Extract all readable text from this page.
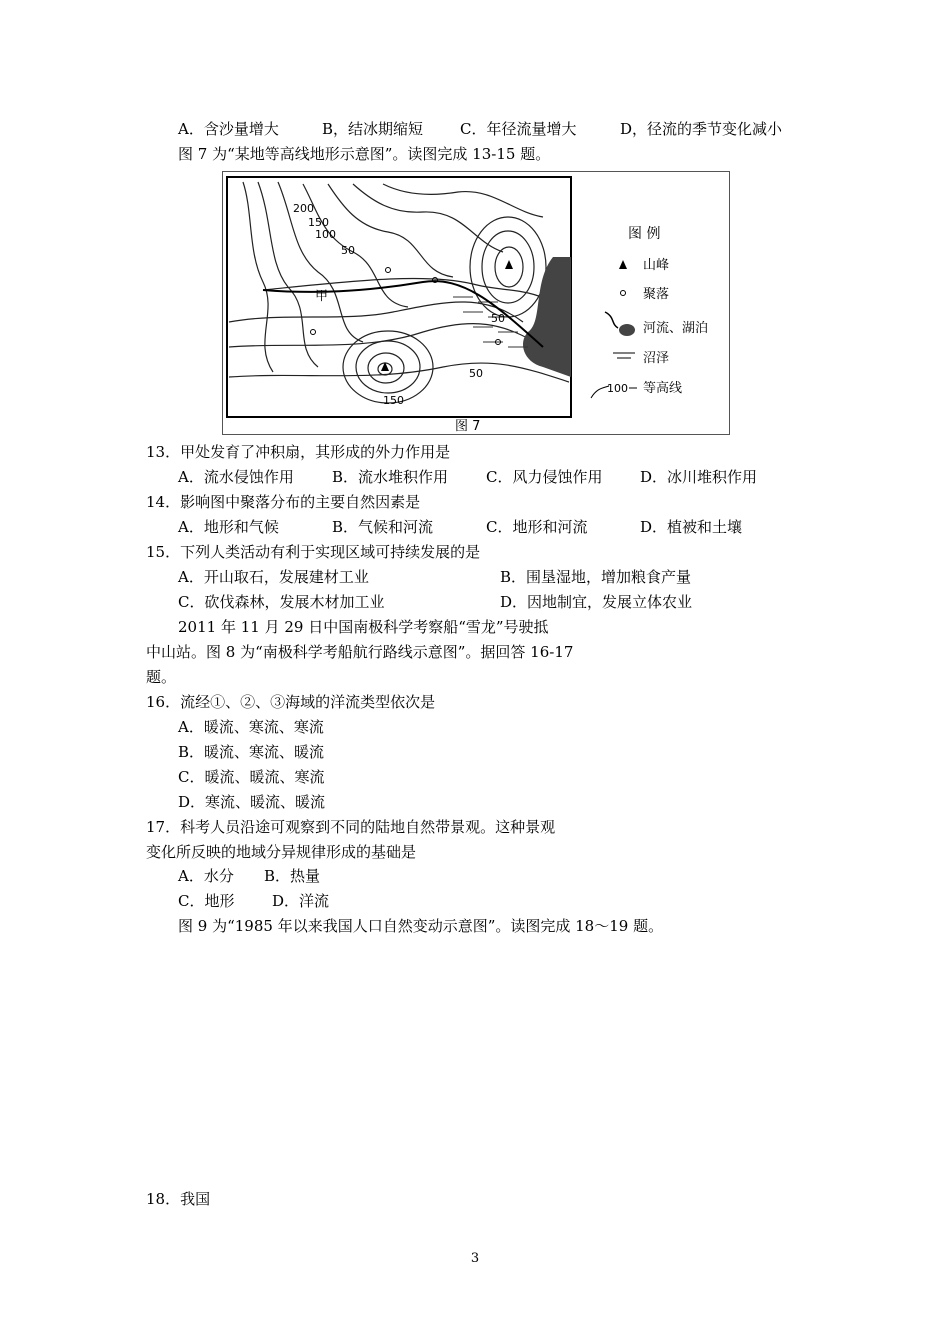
A．含沙量增大	B，结冰期缩短 C．年径流量增大	D，径流的季节变化减小
图 7 为“某地等高线地形示意图”。读图完成 13-15 题。
200
150
100
50
50
50
150
甲
图 7
图 例
山峰
聚落
河流、湖泊
沼泽
100 等高线
13．甲处发育了冲积扇，其形成的外力作用是
A．流水侵蚀作用	B．流水堆积作用	C．风力侵蚀作用	D．冰川堆积作用
14．影响图中聚落分布的主要自然因素是
A．地形和气候	B．气候和河流	C．地形和河流	D．植被和土壤
15．下列人类活动有利于实现区域可持续发展的是
A．开山取石，发展建材工业	B．围垦湿地，增加粮食产量
C．砍伐森林，发展木材加工业	D．因地制宜，发展立体农业
2011 年 11 月 29 日中国南极科学考察船“雪龙”号驶抵
中山站。图 8 为“南极科学考船航行路线示意图”。据回答 16-17
题。
16．流经①、②、③海域的洋流类型依次是
A．暖流、寒流、寒流
B．暖流、寒流、暖流
C．暖流、暖流、寒流
D．寒流、暖流、暖流
17．科考人员沿途可观察到不同的陆地自然带景观。这种景观
变化所反映的地域分异规律形成的基础是
A．水分 B．热量
C．地形	D．洋流
图 9 为“1985 年以来我国人口自然变动示意图”。读图完成 18～19 题。
18．我国
3
